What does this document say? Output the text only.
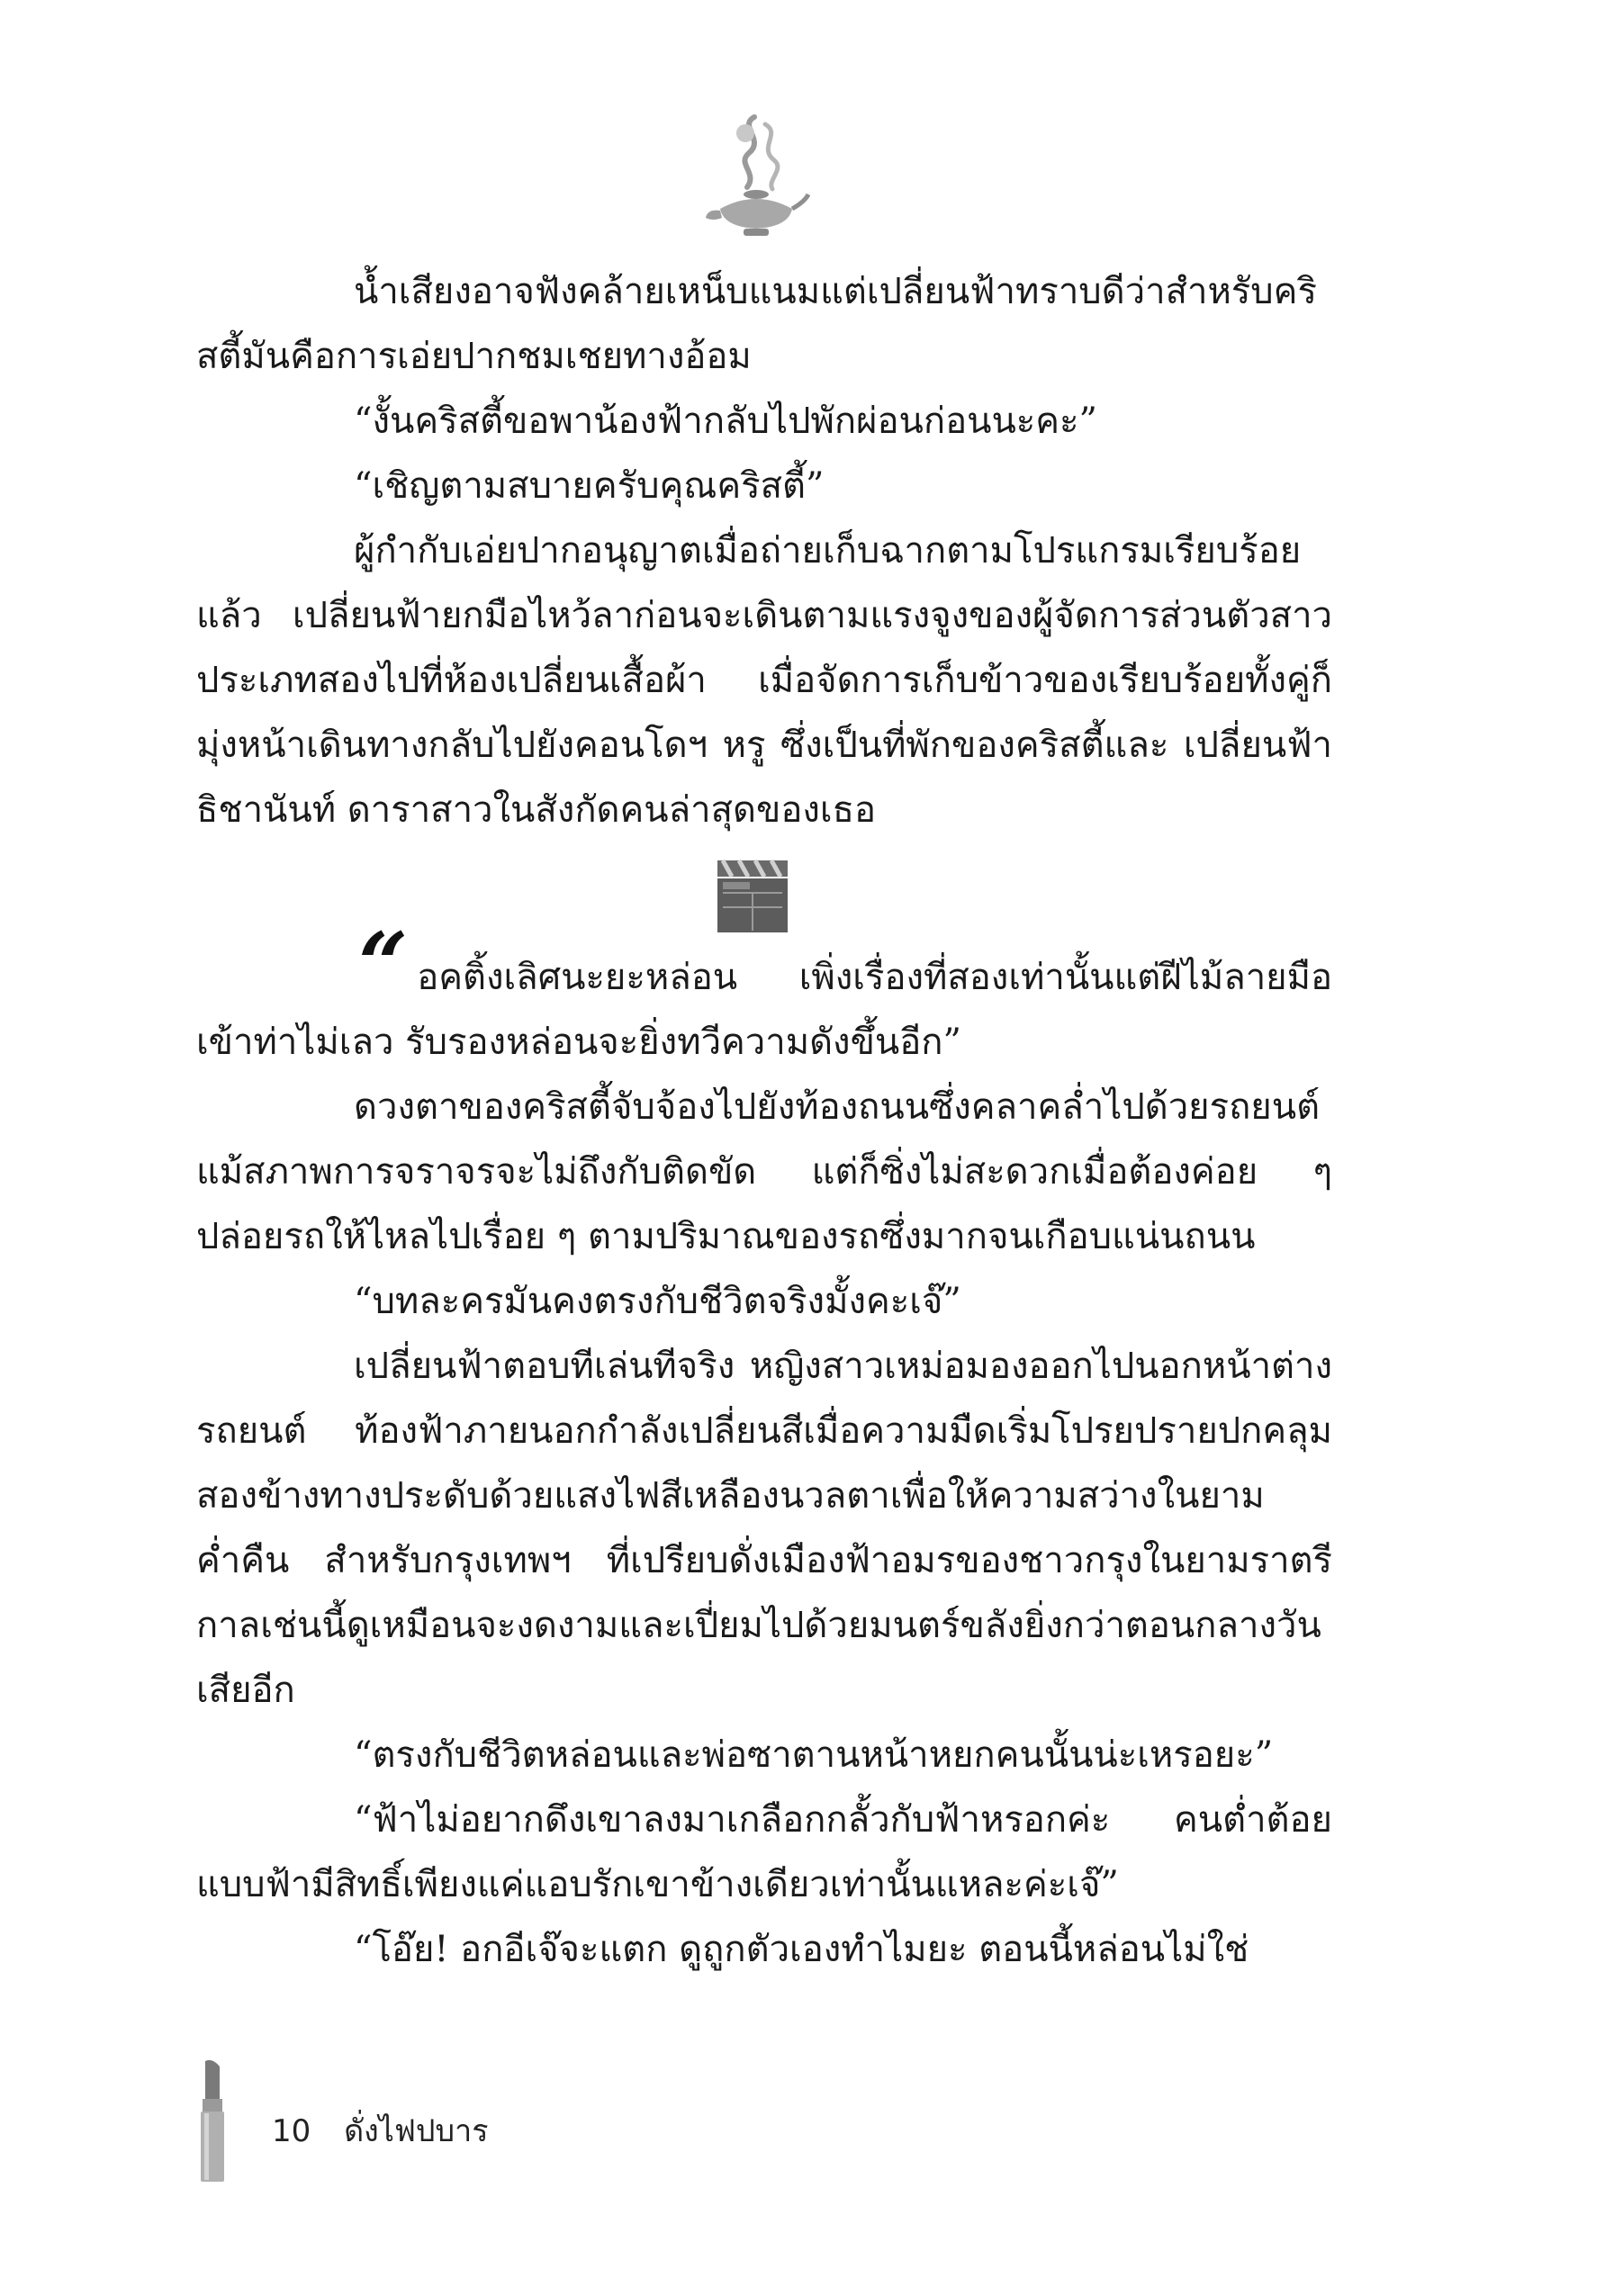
น้ำเสียงอาจฟังคล้ายเหน็บแนมแต่เปลี่ยนฟ้าทราบดีว่าสำหรับคริสตี้มันคือการเอ่ยปากชมเชยทางอ้อม

“งั้นคริสตี้ขอพาน้องฟ้ากลับไปพักผ่อนก่อนนะคะ”

“เชิญตามสบายครับคุณคริสตี้”

ผู้กำกับเอ่ยปากอนุญาตเมื่อถ่ายเก็บฉากตามโปรแกรมเรียบร้อยแล้ว เปลี่ยนฟ้ายกมือไหว้ลาก่อนจะเดินตามแรงจูงของผู้จัดการส่วนตัวสาวประเภทสองไปที่ห้องเปลี่ยนเสื้อผ้า เมื่อจัดการเก็บข้าวของเรียบร้อยทั้งคู่ก็มุ่งหน้าเดินทางกลับไปยังคอนโดฯ หรู ซึ่งเป็นที่พักของคริสตี้และ เปลี่ยนฟ้า ธิชานันท์ ดาราสาวในสังกัดคนล่าสุดของเธอ

“ อคติ้งเลิศนะยะหล่อน เพิ่งเรื่องที่สองเท่านั้นแต่ฝีไม้ลายมือเข้าท่าไม่เลว รับรองหล่อนจะยิ่งทวีความดังขึ้นอีก”

ดวงตาของคริสตี้จับจ้องไปยังท้องถนนซึ่งคลาคล่ำไปด้วยรถยนต์ แม้สภาพการจราจรจะไม่ถึงกับติดขัด แต่ก็ซิ่งไม่สะดวกเมื่อต้องค่อย ๆ ปล่อยรถให้ไหลไปเรื่อย ๆ ตามปริมาณของรถซึ่งมากจนเกือบแน่นถนน

“บทละครมันคงตรงกับชีวิตจริงมั้งคะเจ๊”

เปลี่ยนฟ้าตอบทีเล่นทีจริง หญิงสาวเหม่อมองออกไปนอกหน้าต่างรถยนต์ ท้องฟ้าภายนอกกำลังเปลี่ยนสีเมื่อความมืดเริ่มโปรยปรายปกคลุม สองข้างทางประดับด้วยแสงไฟสีเหลืองนวลตาเพื่อให้ความสว่างในยามค่ำคืน สำหรับกรุงเทพฯ ที่เปรียบดั่งเมืองฟ้าอมรของชาวกรุงในยามราตรีกาลเช่นนี้ดูเหมือนจะงดงามและเปี่ยมไปด้วยมนตร์ขลังยิ่งกว่าตอนกลางวันเสียอีก

“ตรงกับชีวิตหล่อนและพ่อซาตานหน้าหยกคนนั้นน่ะเหรอยะ”

“ฟ้าไม่อยากดึงเขาลงมาเกลือกกลั้วกับฟ้าหรอกค่ะ คนต่ำต้อยแบบฟ้ามีสิทธิ์เพียงแค่แอบรักเขาข้างเดียวเท่านั้นแหละค่ะเจ๊”

“โอ๊ย! อกอีเจ๊จะแตก ดูถูกตัวเองทำไมยะ ตอนนี้หล่อนไม่ใช่

10 ดั่งไฟปบาร
